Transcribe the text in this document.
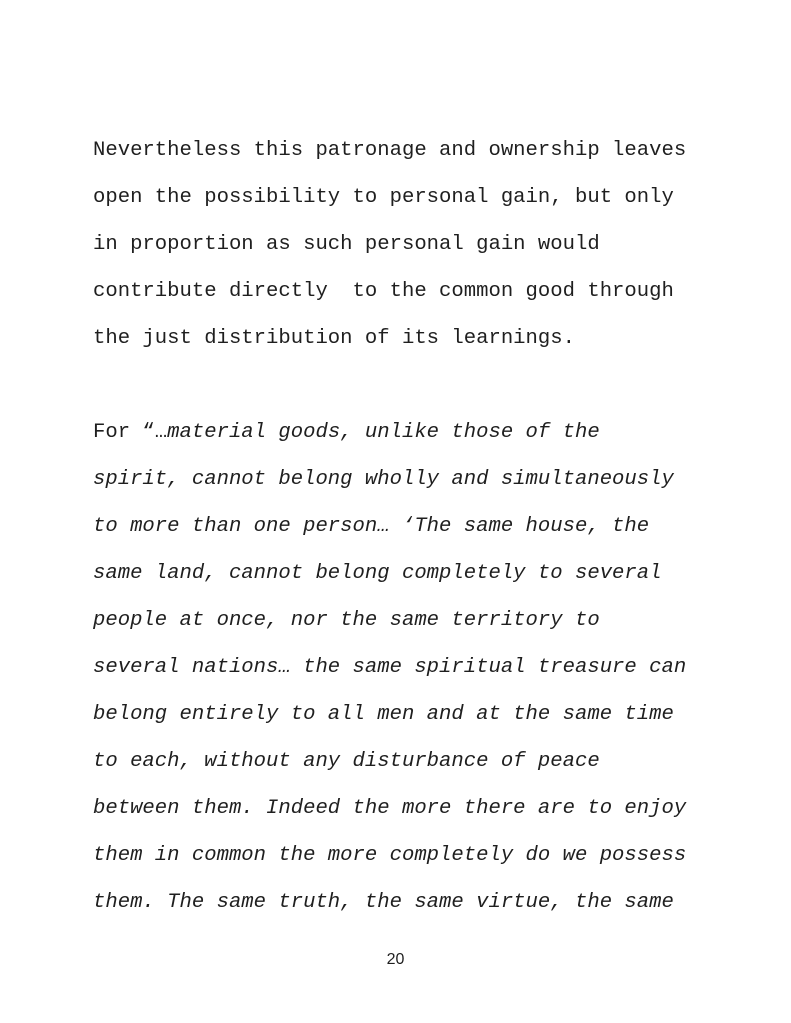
Nevertheless this patronage and ownership leaves
open the possibility to personal gain, but only
in proportion as such personal gain would
contribute directly  to the common good through
the just distribution of its learnings.
For “…material goods, unlike those of the
spirit, cannot belong wholly and simultaneously
to more than one person… ‘The same house, the
same land, cannot belong completely to several
people at once, nor the same territory to
several nations… the same spiritual treasure can
belong entirely to all men and at the same time
to each, without any disturbance of peace
between them. Indeed the more there are to enjoy
them in common the more completely do we possess
them. The same truth, the same virtue, the same
20
